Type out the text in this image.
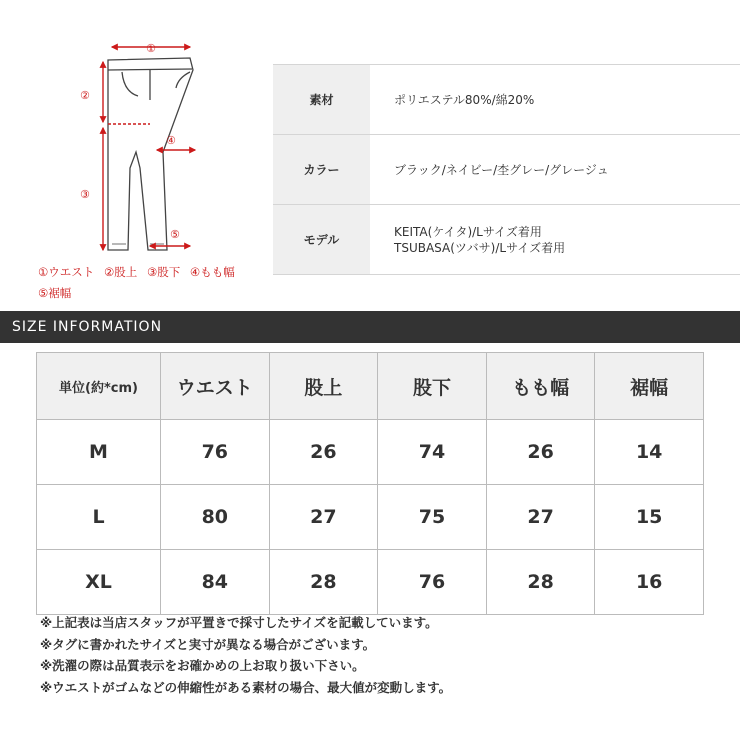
①
②
③
④
⑤
①ウエスト ②股上 ③股下 ④もも幅
⑤裾幅
素材	ポリエステル80%/綿20%
カラー	ブラック/ネイビー/杢グレー/グレージュ
モデル	KEITA(ケイタ)/Lサイズ着用
TSUBASA(ツバサ)/Lサイズ着用
SIZE INFORMATION
単位(約*cm)	ウエスト	股上	股下	もも幅	裾幅
M	76	26	74	26	14
L	80	27	75	27	15
XL	84	28	76	28	16
※上記表は当店スタッフが平置きで採寸したサイズを記載しています。
※タグに書かれたサイズと実寸が異なる場合がございます。
※洗濯の際は品質表示をお確かめの上お取り扱い下さい。
※ウエストがゴムなどの伸縮性がある素材の場合、最大値が変動します。
